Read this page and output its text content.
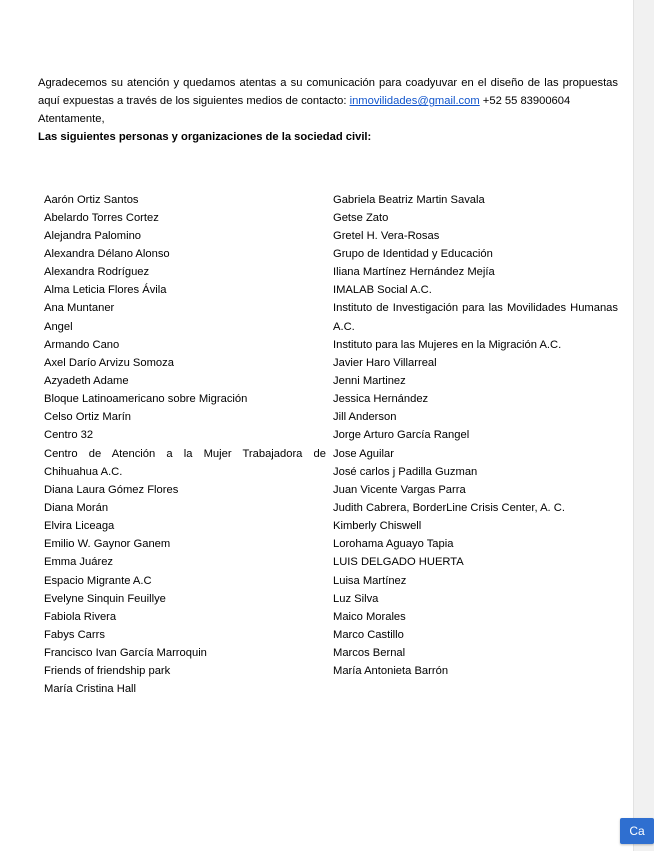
Agradecemos su atención y quedamos atentas a su comunicación para coadyuvar en el diseño de las propuestas aquí expuestas a través de los siguientes medios de contacto: inmovilidades@gmail.com +52 55 83900604

Atentamente,

Las siguientes personas y organizaciones de la sociedad civil:

Aarón Ortiz Santos
Abelardo Torres Cortez
Alejandra Palomino
Alexandra Délano Alonso
Alexandra Rodríguez
Alma Leticia Flores Ávila
Ana Muntaner
Angel
Armando Cano
Axel Darío Arvizu Somoza
Azyadeth Adame
Bloque Latinoamericano sobre Migración
Celso Ortiz Marín
Centro 32
Centro de Atención a la Mujer Trabajadora de Chihuahua A.C.
Diana Laura Gómez Flores
Diana Morán
Elvira Liceaga
Emilio W. Gaynor Ganem
Emma Juárez
Espacio Migrante A.C
Evelyne Sinquin Feuillye
Fabiola Rivera
Fabys Carrs
Francisco Ivan García Marroquin
Friends of friendship park
María Cristina Hall
Gabriela Beatriz Martin Savala
Getse Zato
Gretel H. Vera-Rosas
Grupo de Identidad y Educación
Iliana Martínez Hernández Mejía
IMALAB Social A.C.
Instituto de Investigación para las Movilidades Humanas A.C.
Instituto para las Mujeres en la Migración A.C.
Javier Haro Villarreal
Jenni Martinez
Jessica Hernández
Jill Anderson
Jorge Arturo García Rangel
Jose Aguilar
José carlos j Padilla Guzman
Juan Vicente Vargas Parra
Judith Cabrera, BorderLine Crisis Center, A. C.
Kimberly Chiswell
Lorohama Aguayo Tapia
LUIS DELGADO HUERTA
Luisa Martínez
Luz Silva
Maico Morales
Marco Castillo
Marcos Bernal
María Antonieta Barrón
Ca
